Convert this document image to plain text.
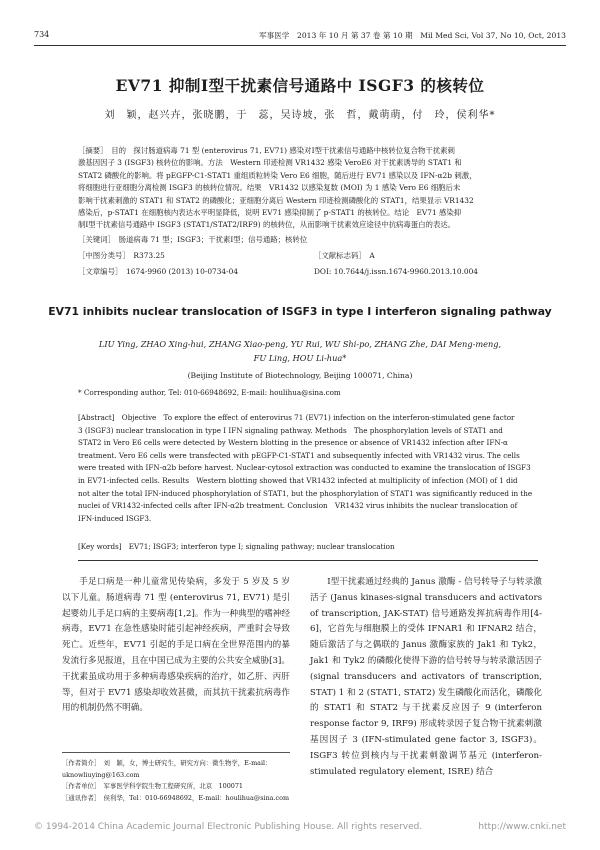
734	军事医学　2013 年 10 月 第 37 卷 第 10 期　Mil Med Sci, Vol 37, No 10, Oct, 2013
EV71 抑制Ⅰ型干扰素信号通路中 ISGF3 的核转位
刘　颖，赵兴卉，张晓鹏，于　蕊，吴诗坡，张　哲，戴萌萌，付　玲，侯利华*
［摘要］　目的　探讨肠道病毒 71 型 (enterovirus 71, EV71) 感染对Ⅰ型干扰素信号通路中核转位复合物干扰素刺
激基因因子 3 (ISGF3) 核转位的影响。方法　Western 印迹检测 VR1432 感染 VeroE6 对干扰素诱导的 STAT1 和
STAT2 磷酸化的影响。将 pEGFP-C1-STAT1 重组质粒转染 Vero E6 细胞，随后进行 EV71 感染以及 IFN-α2b 刺激，
将细胞进行亚细胞分离检测 ISGF3 的核转位情况。结果　VR1432 以感染复数 (MOI) 为 1 感染 Vero E6 细胞后未
影响干扰素刺激的 STAT1 和 STAT2 的磷酸化；亚细胞分离后 Western 印迹检测磷酸化的 STAT1，结果显示 VR1432
感染后，p-STAT1 在细胞核内表达水平明显降低，说明 EV71 感染抑制了 p-STAT1 的核转位。结论　EV71 感染抑
制Ⅰ型干扰素信号通路中 ISGF3 (STAT1/STAT2/IRF9) 的核转位，从而影响干扰素效应途径中抗病毒蛋白的表达。
［关键词］　肠道病毒 71 型；ISGF3；干扰素Ⅰ型；信号通路；核转位
［中图分类号］　R373.25	［文献标志码］　A
［文章编号］　1674-9960 (2013) 10-0734-04	DOI: 10.7644/j.issn.1674-9960.2013.10.004
EV71 inhibits nuclear translocation of ISGF3 in type Ⅰ interferon signaling pathway
LIU Ying, ZHAO Xing-hui, ZHANG Xiao-peng, YU Rui, WU Shi-po, ZHANG Zhe, DAI Meng-meng,
FU Ling, HOU Li-hua*
(Beijing Institute of Biotechnology, Beijing 100071, China)
* Corresponding author, Tel: 010-66948692, E-mail: houlihua@sina.com
[Abstract]　Objective　To explore the effect of enterovirus 71 (EV71) infection on the interferon-stimulated gene factor
3 (ISGF3) nuclear translocation in type Ⅰ IFN signaling pathway. Methods　The phosphorylation levels of STAT1 and
STAT2 in Vero E6 cells were detected by Western blotting in the presence or absence of VR1432 infection after IFN-α
treatment. Vero E6 cells were transfected with pEGFP-C1-STAT1 and subsequently infected with VR1432 virus. The cells
were treated with IFN-α2b before harvest. Nuclear-cytosol extraction was conducted to examine the translocation of ISGF3
in EV71-infected cells. Results　Western blotting showed that VR1432 infected at multiplicity of infection (MOI) of 1 did
not alter the total IFN-induced phosphorylation of STAT1, but the phosphorylation of STAT1 was significantly reduced in the
nuclei of VR1432-infected cells after IFN-α2b treatment. Conclusion　VR1432 virus inhibits the nuclear translocation of
IFN-induced ISGF3.
[Key words]　EV71; ISGF3; interferon type Ⅰ; signaling pathway; nuclear translocation
手足口病是一种儿童常见传染病，多发于 5 岁及 5 岁以下儿童。肠道病毒 71 型 (enterovirus 71, EV71) 是引起婴幼儿手足口病的主要病毒[1,2]。作为一种典型的嗜神经病毒，EV71 在急性感染时能引起神经疾病，严重时会导致死亡。近些年，EV71 引起的手足口病在全世界范围内的暴发流行多见报道，且在中国已成为主要的公共安全威胁[3]。干扰素虽成功用于多种病毒感染疾病的治疗，如乙肝、丙肝等，但对于 EV71 感染却收效甚微，而其抗干扰素抗病毒作用的机制仍然不明确。
Ⅰ型干扰素通过经典的 Janus 激酶 - 信号转导子与转录激活子 (Janus kinases-signal transducers and activators of transcription, JAK-STAT) 信号通路发挥抗病毒作用[4-6]，它首先与细胞膜上的受体 IFNAR1 和 IFNAR2 结合，随后激活了与之偶联的 Janus 激酶家族的 Jak1 和 Tyk2，Jak1 和 Tyk2 的磷酸化使得下游的信号转导与转录激活因子 (signal transducers and activators of transcription, STAT) 1 和 2 (STAT1, STAT2) 发生磷酸化而活化，磷酸化的 STAT1 和 STAT2 与干扰素反应因子 9 (interferon response factor 9, IRF9) 形成转录因子复合物干扰素刺激基因因子 3 (IFN-stimulated gene factor 3, ISGF3)。ISGF3 转位到核内与干扰素刺激调节基元 (interferon-stimulated regulatory element, ISRE) 结合
［作者简介］　刘　颖，女，博士研究生，研究方向：微生物学，E-mail：
uknowliuying@163.com
［作者单位］　军事医学科学院生物工程研究所，北京　100071
［通讯作者］　侯利华，Tel：010-66948692，E-mail：houlihua@sina.com
© 1994-2014 China Academic Journal Electronic Publishing House. All rights reserved.	http://www.cnki.net
